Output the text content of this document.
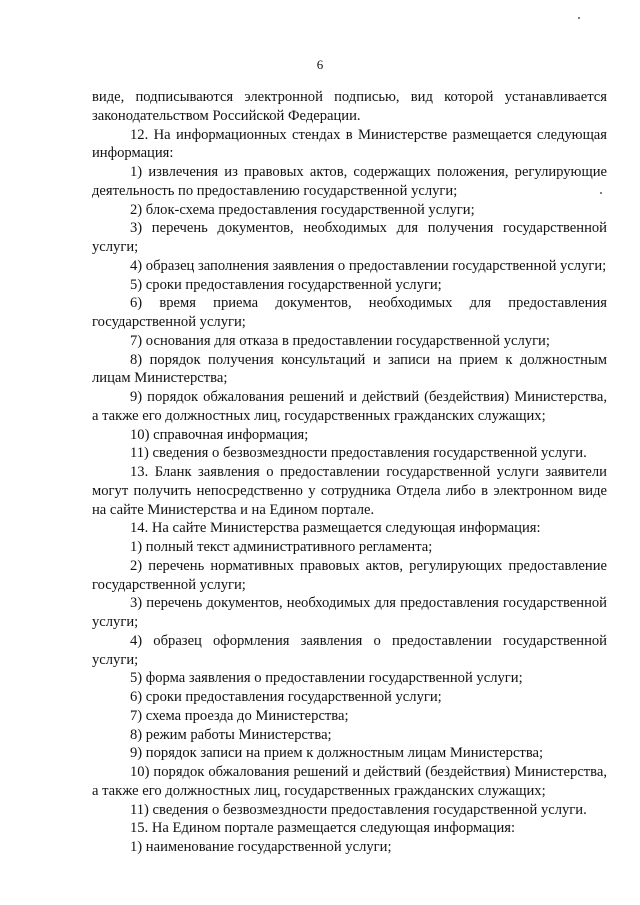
6

виде, подписываются электронной подписью, вид которой устанавливается законодательством Российской Федерации.

12. На информационных стендах в Министерстве размещается следующая информация:

1) извлечения из правовых актов, содержащих положения, регулирующие деятельность по предоставлению государственной услуги;

2) блок-схема предоставления государственной услуги;

3) перечень документов, необходимых для получения государственной услуги;

4) образец заполнения заявления о предоставлении государственной услуги;

5) сроки предоставления государственной услуги;

6) время приема документов, необходимых для предоставления государственной услуги;

7) основания для отказа в предоставлении государственной услуги;

8) порядок получения консультаций и записи на прием к должностным лицам Министерства;

9) порядок обжалования решений и действий (бездействия) Министерства, а также его должностных лиц, государственных гражданских служащих;

10) справочная информация;

11) сведения о безвозмездности предоставления государственной услуги.

13. Бланк заявления о предоставлении государственной услуги заявители могут получить непосредственно у сотрудника Отдела либо в электронном виде на сайте Министерства и на Едином портале.

14. На сайте Министерства размещается следующая информация:

1) полный текст административного регламента;

2) перечень нормативных правовых актов, регулирующих предоставление государственной услуги;

3) перечень документов, необходимых для предоставления государственной услуги;

4) образец оформления заявления о предоставлении государственной услуги;

5) форма заявления о предоставлении государственной услуги;

6) сроки предоставления государственной услуги;

7) схема проезда до Министерства;

8) режим работы Министерства;

9) порядок записи на прием к должностным лицам Министерства;

10) порядок обжалования решений и действий (бездействия) Министерства, а также его должностных лиц, государственных гражданских служащих;

11) сведения о безвозмездности предоставления государственной услуги.

15. На Едином портале размещается следующая информация:

1) наименование государственной услуги;
